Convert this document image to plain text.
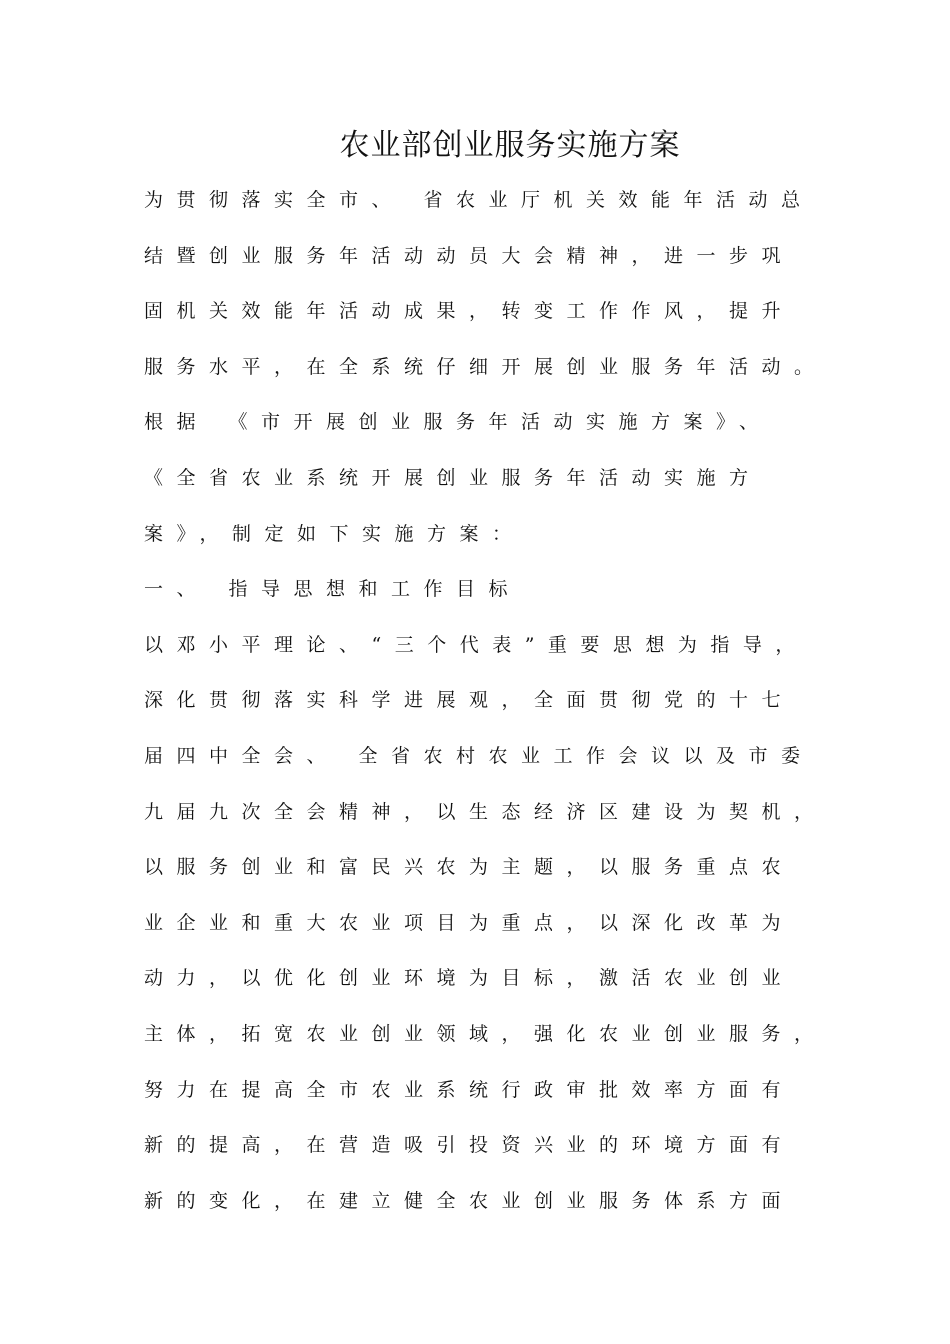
农业部创业服务实施方案
为贯彻落实全市、 省农业厅机关效能年活动总
结暨创业服务年活动动员大会精神，进一步巩
固机关效能年活动成果，转变工作作风，提升
服务水平，在全系统仔细开展创业服务年活动。
根据 《市开展创业服务年活动实施方案》、
《全省农业系统开展创业服务年活动实施方
案》，制定如下实施方案：
一、 指导思想和工作目标
以邓小平理论、“三个代表”重要思想为指导，
深化贯彻落实科学进展观，全面贯彻党的十七
届四中全会、 全省农村农业工作会议以及市委
九届九次全会精神，以生态经济区建设为契机，
以服务创业和富民兴农为主题，以服务重点农
业企业和重大农业项目为重点，以深化改革为
动力，以优化创业环境为目标，激活农业创业
主体，拓宽农业创业领域，强化农业创业服务，
努力在提高全市农业系统行政审批效率方面有
新的提高，在营造吸引投资兴业的环境方面有
新的变化，在建立健全农业创业服务体系方面
